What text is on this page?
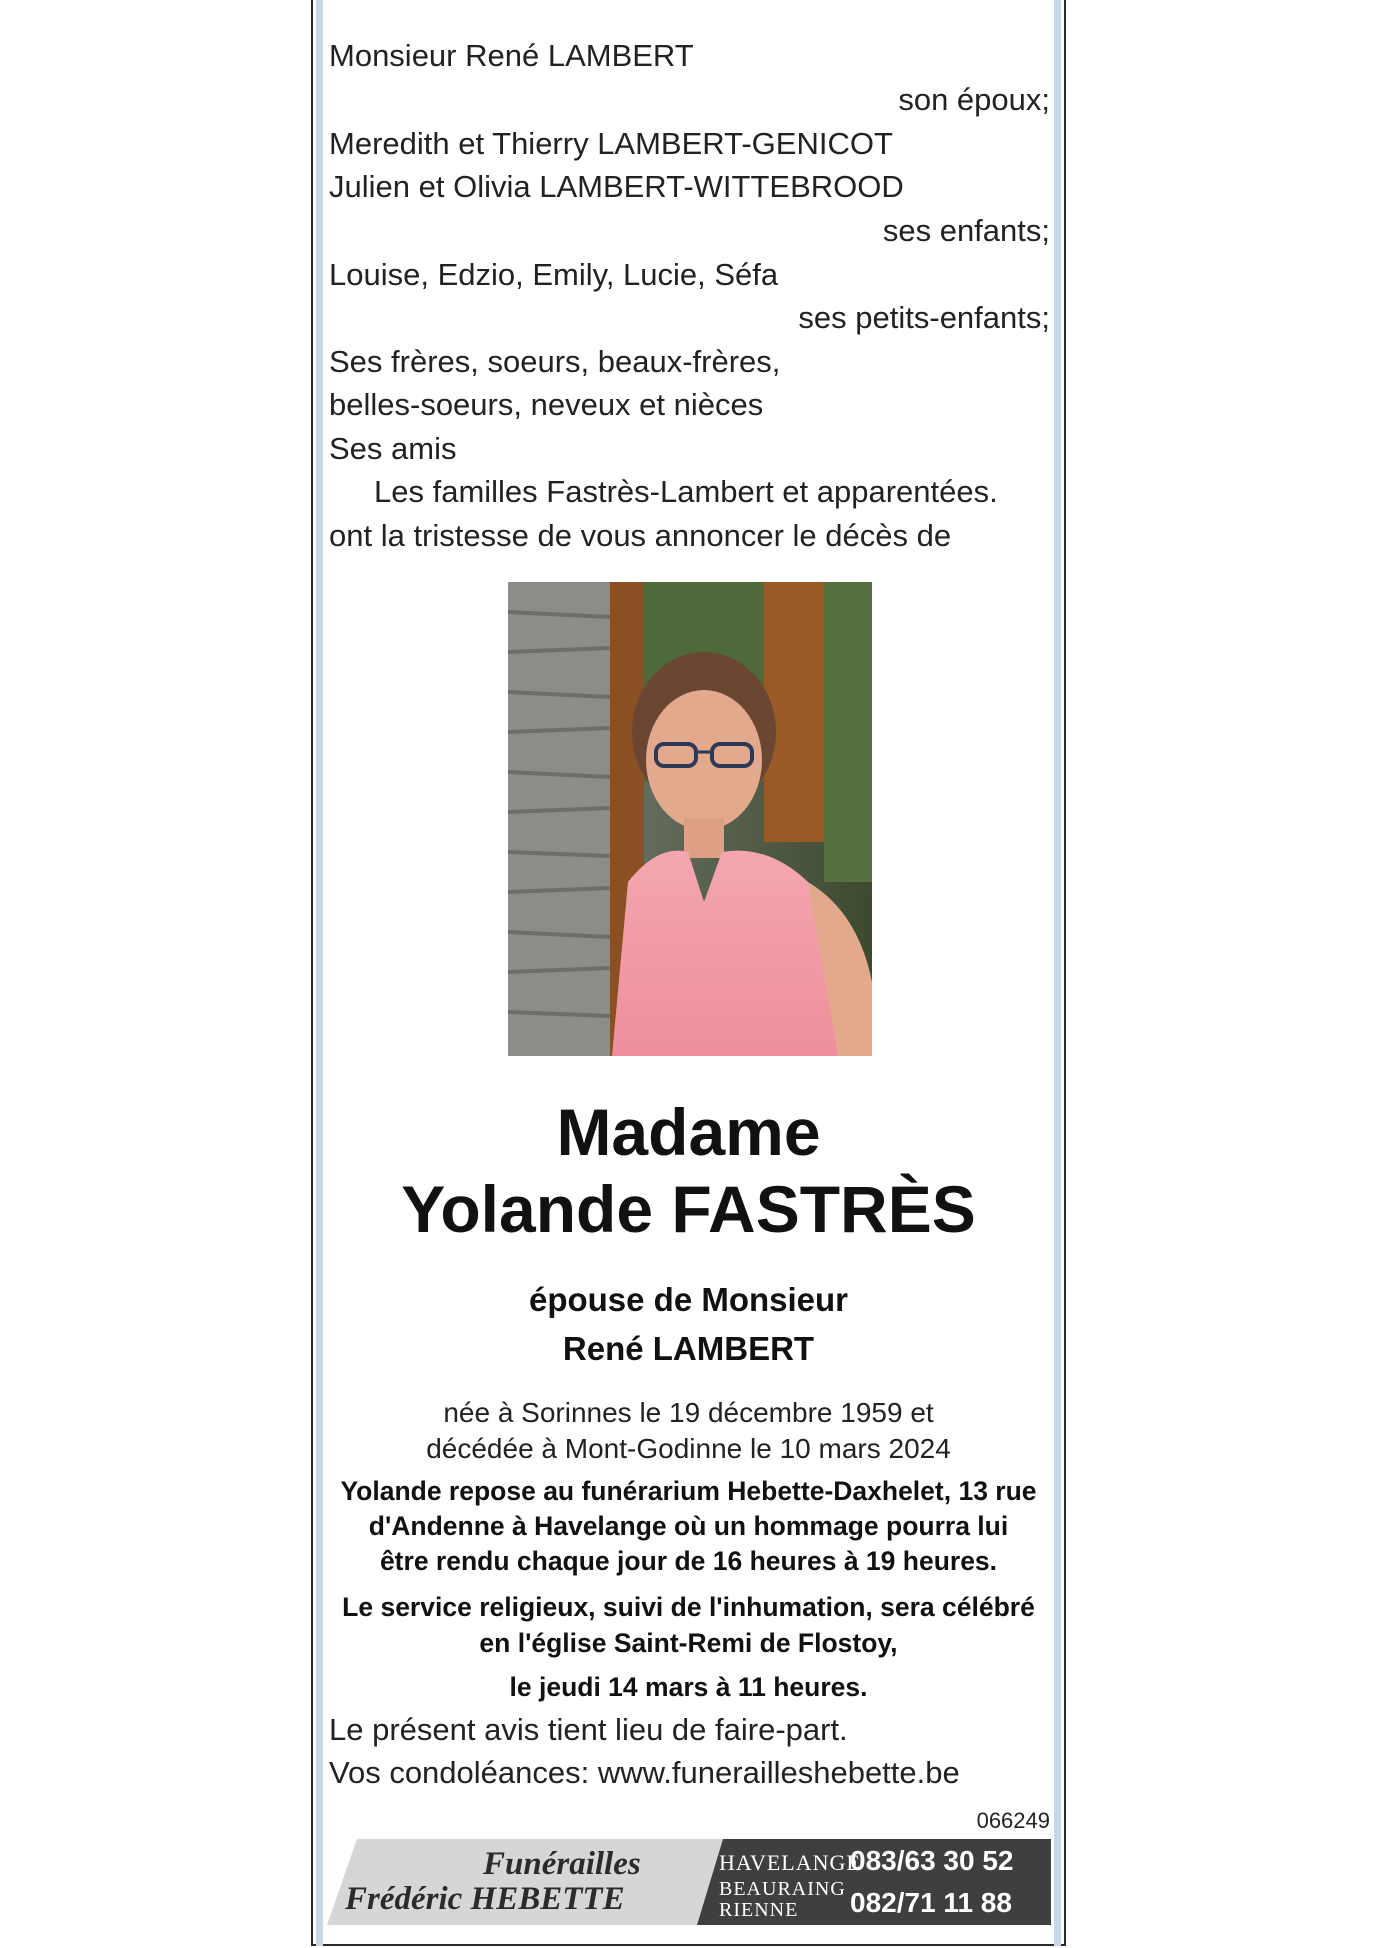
Monsieur René LAMBERT
son époux;
Meredith et Thierry LAMBERT-GENICOT
Julien et Olivia LAMBERT-WITTEBROOD
ses enfants;
Louise, Edzio, Emily, Lucie, Séfa
ses petits-enfants;
Ses frères, soeurs, beaux-frères,
belles-soeurs, neveux et nièces
Ses amis
Les familles Fastrès-Lambert et apparentées.
ont la tristesse de vous annoncer le décès de
Madame
Yolande FASTRÈS
épouse de Monsieur
René LAMBERT
née à Sorinnes le 19 décembre 1959 et
décédée à Mont-Godinne le 10 mars 2024
Yolande repose au funérarium Hebette-Daxhelet, 13 rue
d'Andenne à Havelange où un hommage pourra lui
être rendu chaque jour de 16 heures à 19 heures.
Le service religieux, suivi de l'inhumation, sera célébré
en l'église Saint-Remi de Flostoy,
le jeudi 14 mars à 11 heures.
Le présent avis tient lieu de faire-part.
Vos condoléances: www.funerailleshebette.be
066249
Funérailles
Frédéric HEBETTE
HAVELANGE
083/63 30 52
BEAURAING
RIENNE 082/71 11 88
